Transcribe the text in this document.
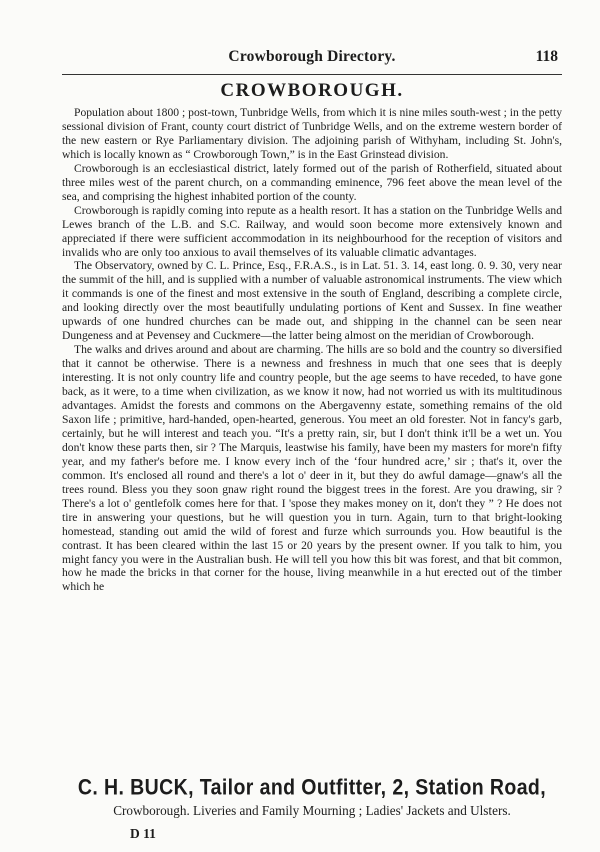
Crowborough Directory.	118
CROWBOROUGH.

Population about 1800 ; post-town, Tunbridge Wells, from which it is nine miles south-west ; in the petty sessional division of Frant, county court district of Tunbridge Wells, and on the extreme western border of the new eastern or Rye Parliamentary division. The adjoining parish of Withyham, including St. John's, which is locally known as “ Crowborough Town,” is in the East Grinstead division.

Crowborough is an ecclesiastical district, lately formed out of the parish of Rotherfield, situated about three miles west of the parent church, on a commanding eminence, 796 feet above the mean level of the sea, and comprising the highest inhabited portion of the county.

Crowborough is rapidly coming into repute as a health resort. It has a station on the Tunbridge Wells and Lewes branch of the L.B. and S.C. Railway, and would soon become more extensively known and appreciated if there were sufficient accommodation in its neighbourhood for the reception of visitors and invalids who are only too anxious to avail themselves of its valuable climatic advantages.

The Observatory, owned by C. L. Prince, Esq., F.R.A.S., is in Lat. 51. 3. 14, east long. 0. 9. 30, very near the summit of the hill, and is supplied with a number of valuable astronomical instruments. The view which it commands is one of the finest and most extensive in the south of England, describing a complete circle, and looking directly over the most beautifully undulating portions of Kent and Sussex. In fine weather upwards of one hundred churches can be made out, and shipping in the channel can be seen near Dungeness and at Pevensey and Cuckmere—the latter being almost on the meridian of Crowborough.

The walks and drives around and about are charming. The hills are so bold and the country so diversified that it cannot be otherwise. There is a newness and freshness in much that one sees that is deeply interesting. It is not only country life and country people, but the age seems to have receded, to have gone back, as it were, to a time when civilization, as we know it now, had not worried us with its multitudinous advantages. Amidst the forests and commons on the Abergavenny estate, something remains of the old Saxon life ; primitive, hard-handed, open-hearted, generous. You meet an old forester. Not in fancy's garb, certainly, but he will interest and teach you. “It's a pretty rain, sir, but I don't think it'll be a wet un. You don't know these parts then, sir ? The Marquis, leastwise his family, have been my masters for more'n fifty year, and my father's before me. I know every inch of the ‘four hundred acre,’ sir ; that's it, over the common. It's enclosed all round and there's a lot o' deer in it, but they do awful damage—gnaw's all the trees round. Bless you they soon gnaw right round the biggest trees in the forest. Are you drawing, sir ? There's a lot o' gentlefolk comes here for that. I 'spose they makes money on it, don't they ” ? He does not tire in answering your questions, but he will question you in turn. Again, turn to that bright-looking homestead, standing out amid the wild of forest and furze which surrounds you. How beautiful is the contrast. It has been cleared within the last 15 or 20 years by the present owner. If you talk to him, you might fancy you were in the Australian bush. He will tell you how this bit was forest, and that bit common, how he made the bricks in that corner for the house, living meanwhile in a hut erected out of the timber which he

C. H. BUCK, Tailor and Outfitter, 2, Station Road,
Crowborough. Liveries and Family Mourning ; Ladies' Jackets and Ulsters.
D 11
